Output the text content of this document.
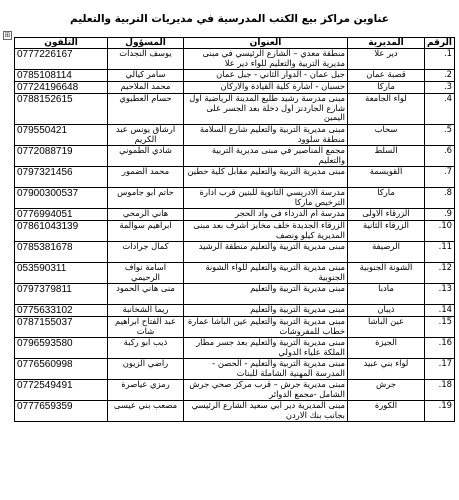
⊞
عناوين مراكز بيع الكتب المدرسية في مديريات التربية والتعليم
الرقم	المديرية	العنوان	المسؤول	التلفون
1.	دير علا	منطقة معدي – الشارع الرئيسي في مبنى مديرية التربية والتعليم للواء دير علا	يوسف النجدات	0777226167
2.	قصبة عمان	جبل عمان - الدوار الثاني - جبل عمان	سامر كيالي	0785108114
3.	ماركا	حسبان - اشارة كلية القيادة والاركان	محمد الملاحيم	07724196648
4.	لواء الجامعة	مبنى مدرسة رشيد طليع المدينة الرياضية اول شارع الجاردنز اول دخلة بعد الجسر على اليمين	حسام العطيوي	0788152615
5.	سحاب	مبنى مديرية التربية والتعليم شارع السلامة منطقة سلوود	ارشاق يونس عبد الكريم	079550421
6.	السلط	مجمع المناصير في مبنى مديرية التربية والتعليم	شادي الطموني	0772088719
7.	القويسمة	مبنى مديرية التربية والتعليم مقابل كلية حطين	محمد الضمور	0797321456
8.	ماركا	مدرسة الادريسي الثانوية للبنين قرب ادارة الترخيص ماركا	حاتم ابو جاموس	07900300537
9.	الزرقاء الاولى	مدرسة ام الدرداء في واد الحجر	هاني الرمحي	0776994051
10.	الزرقاء الثانية	الزرقاء الجديدة خلف مخابز اشرف بعد مبنى المديرية كيلو ونصف	ابراهيم سوالمة	07861043139
11.	الرصيفة	مبنى مديرية التربية والتعليم منطقة الرشيد	كمال جرادات	0785381678
12.	الشونة الجنوبية	مبنى مديرية التربية والتعليم للواء الشونة الجنوبية	اسامة نواف الرحيمي	053590311
13.	مادبا	مبنى مديرية التربية والتعليم	منى هاني الحمود	0797379811
14.	ذيبان	مبنى مديرية التربية والتعليم	ريما الشخانبة	0775633102
15.	عين الباشا	مبنى مديرية التربية والتعليم عين الباشا عمارة خطاب للمفروشات	عبد الفتاح ابراهيم شات	0787155037
16.	الجيزة	مبنى مديرية التربية والتعليم بعد جسر مطار الملكة علياء الدولي	ذيب ابو ركبة	0796593580
17.	لواء بني عبيد	مبنى مديرية التربية والتعليم - الحصن - المدرسة المهنية الشاملة للبنات	راضي الزيون	0776560998
18.	جرش	مبنى مديرية جرش – قرب مركز صحي جرش الشامل -مجمع الدوائر	رمزي عياصرة	0772549491
19.	الكورة	مبنى المديرية دير ابي سعيد الشارع الرئيسي بجانب بنك الاردن	مصعب بني عيسى	0777659359
